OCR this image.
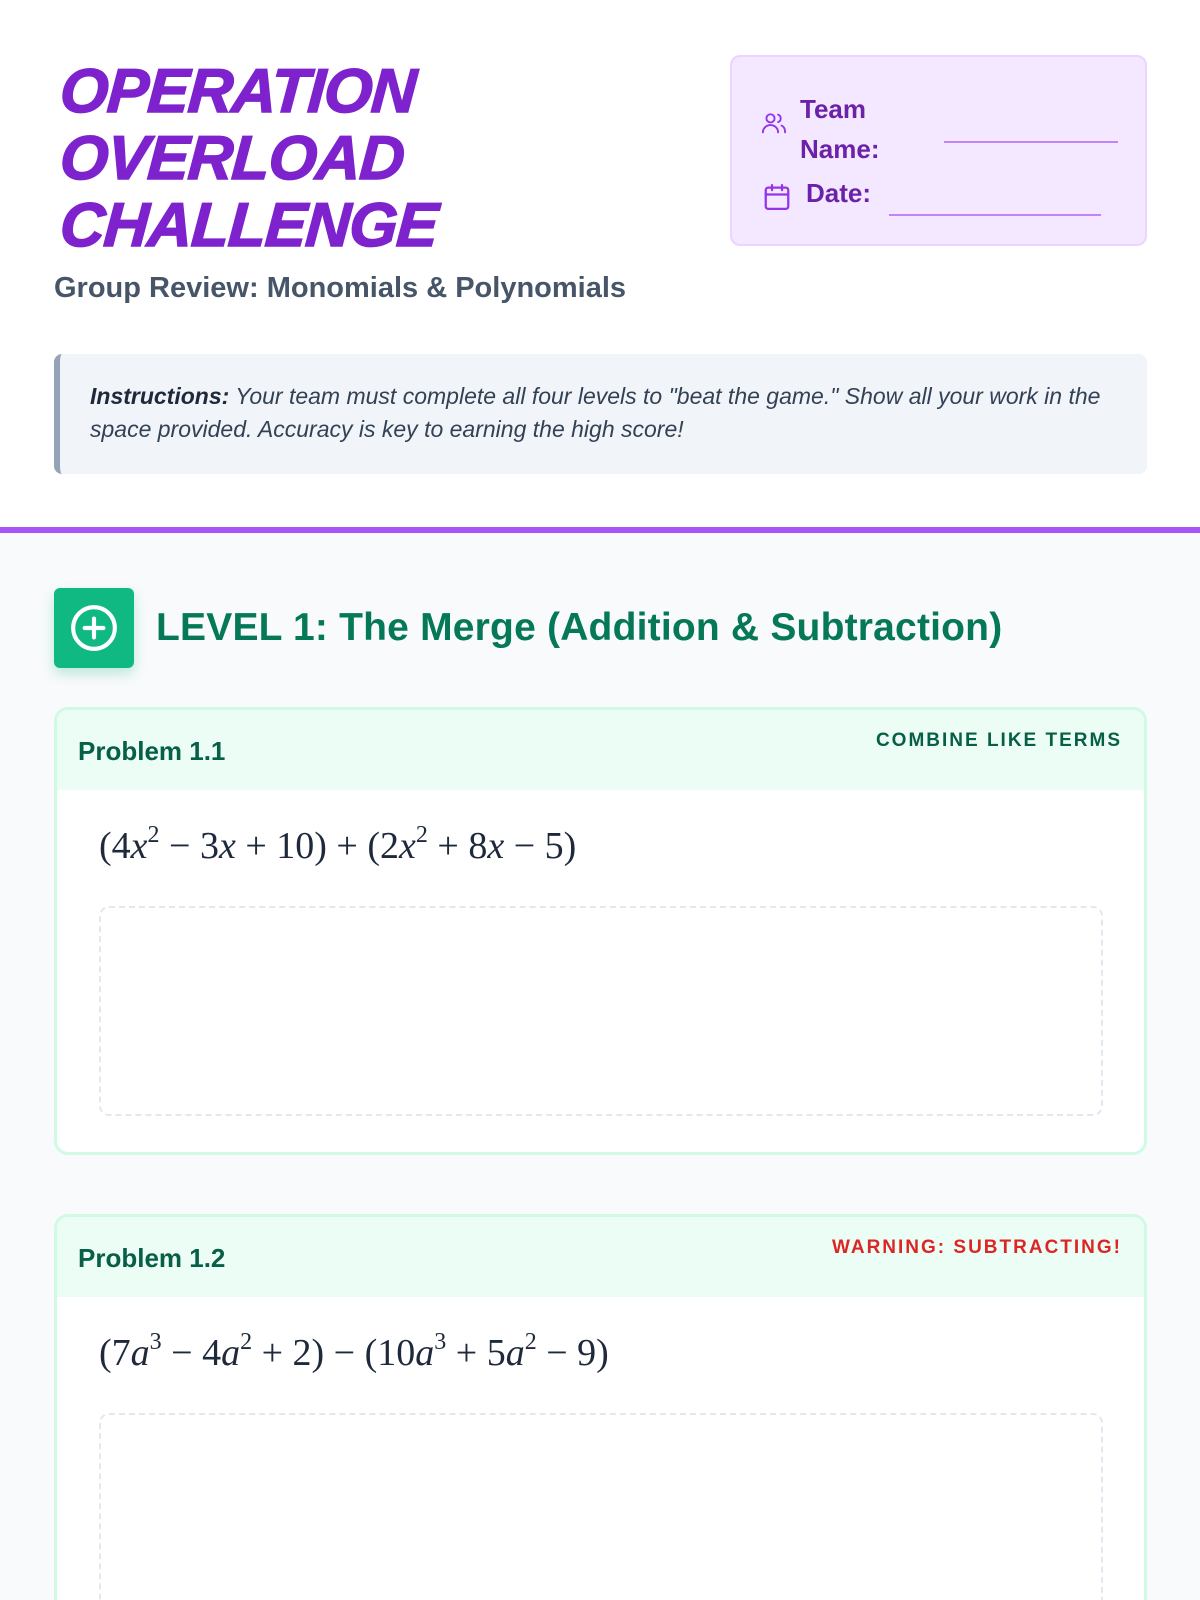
OPERATION
OVERLOAD
CHALLENGE
Group Review: Monomials & Polynomials
Team Name:
Date:
Instructions: Your team must complete all four levels to "beat the game." Show all your work in the space provided. Accuracy is key to earning the high score!
LEVEL 1: The Merge (Addition & Subtraction)
Problem 1.1	COMBINE LIKE TERMS
$(4x^2 - 3x + 10) + (2x^2 + 8x - 5)$
Problem 1.2	WARNING: SUBTRACTING!
$(7a^3 - 4a^2 + 2) - (10a^3 + 5a^2 - 9)$
